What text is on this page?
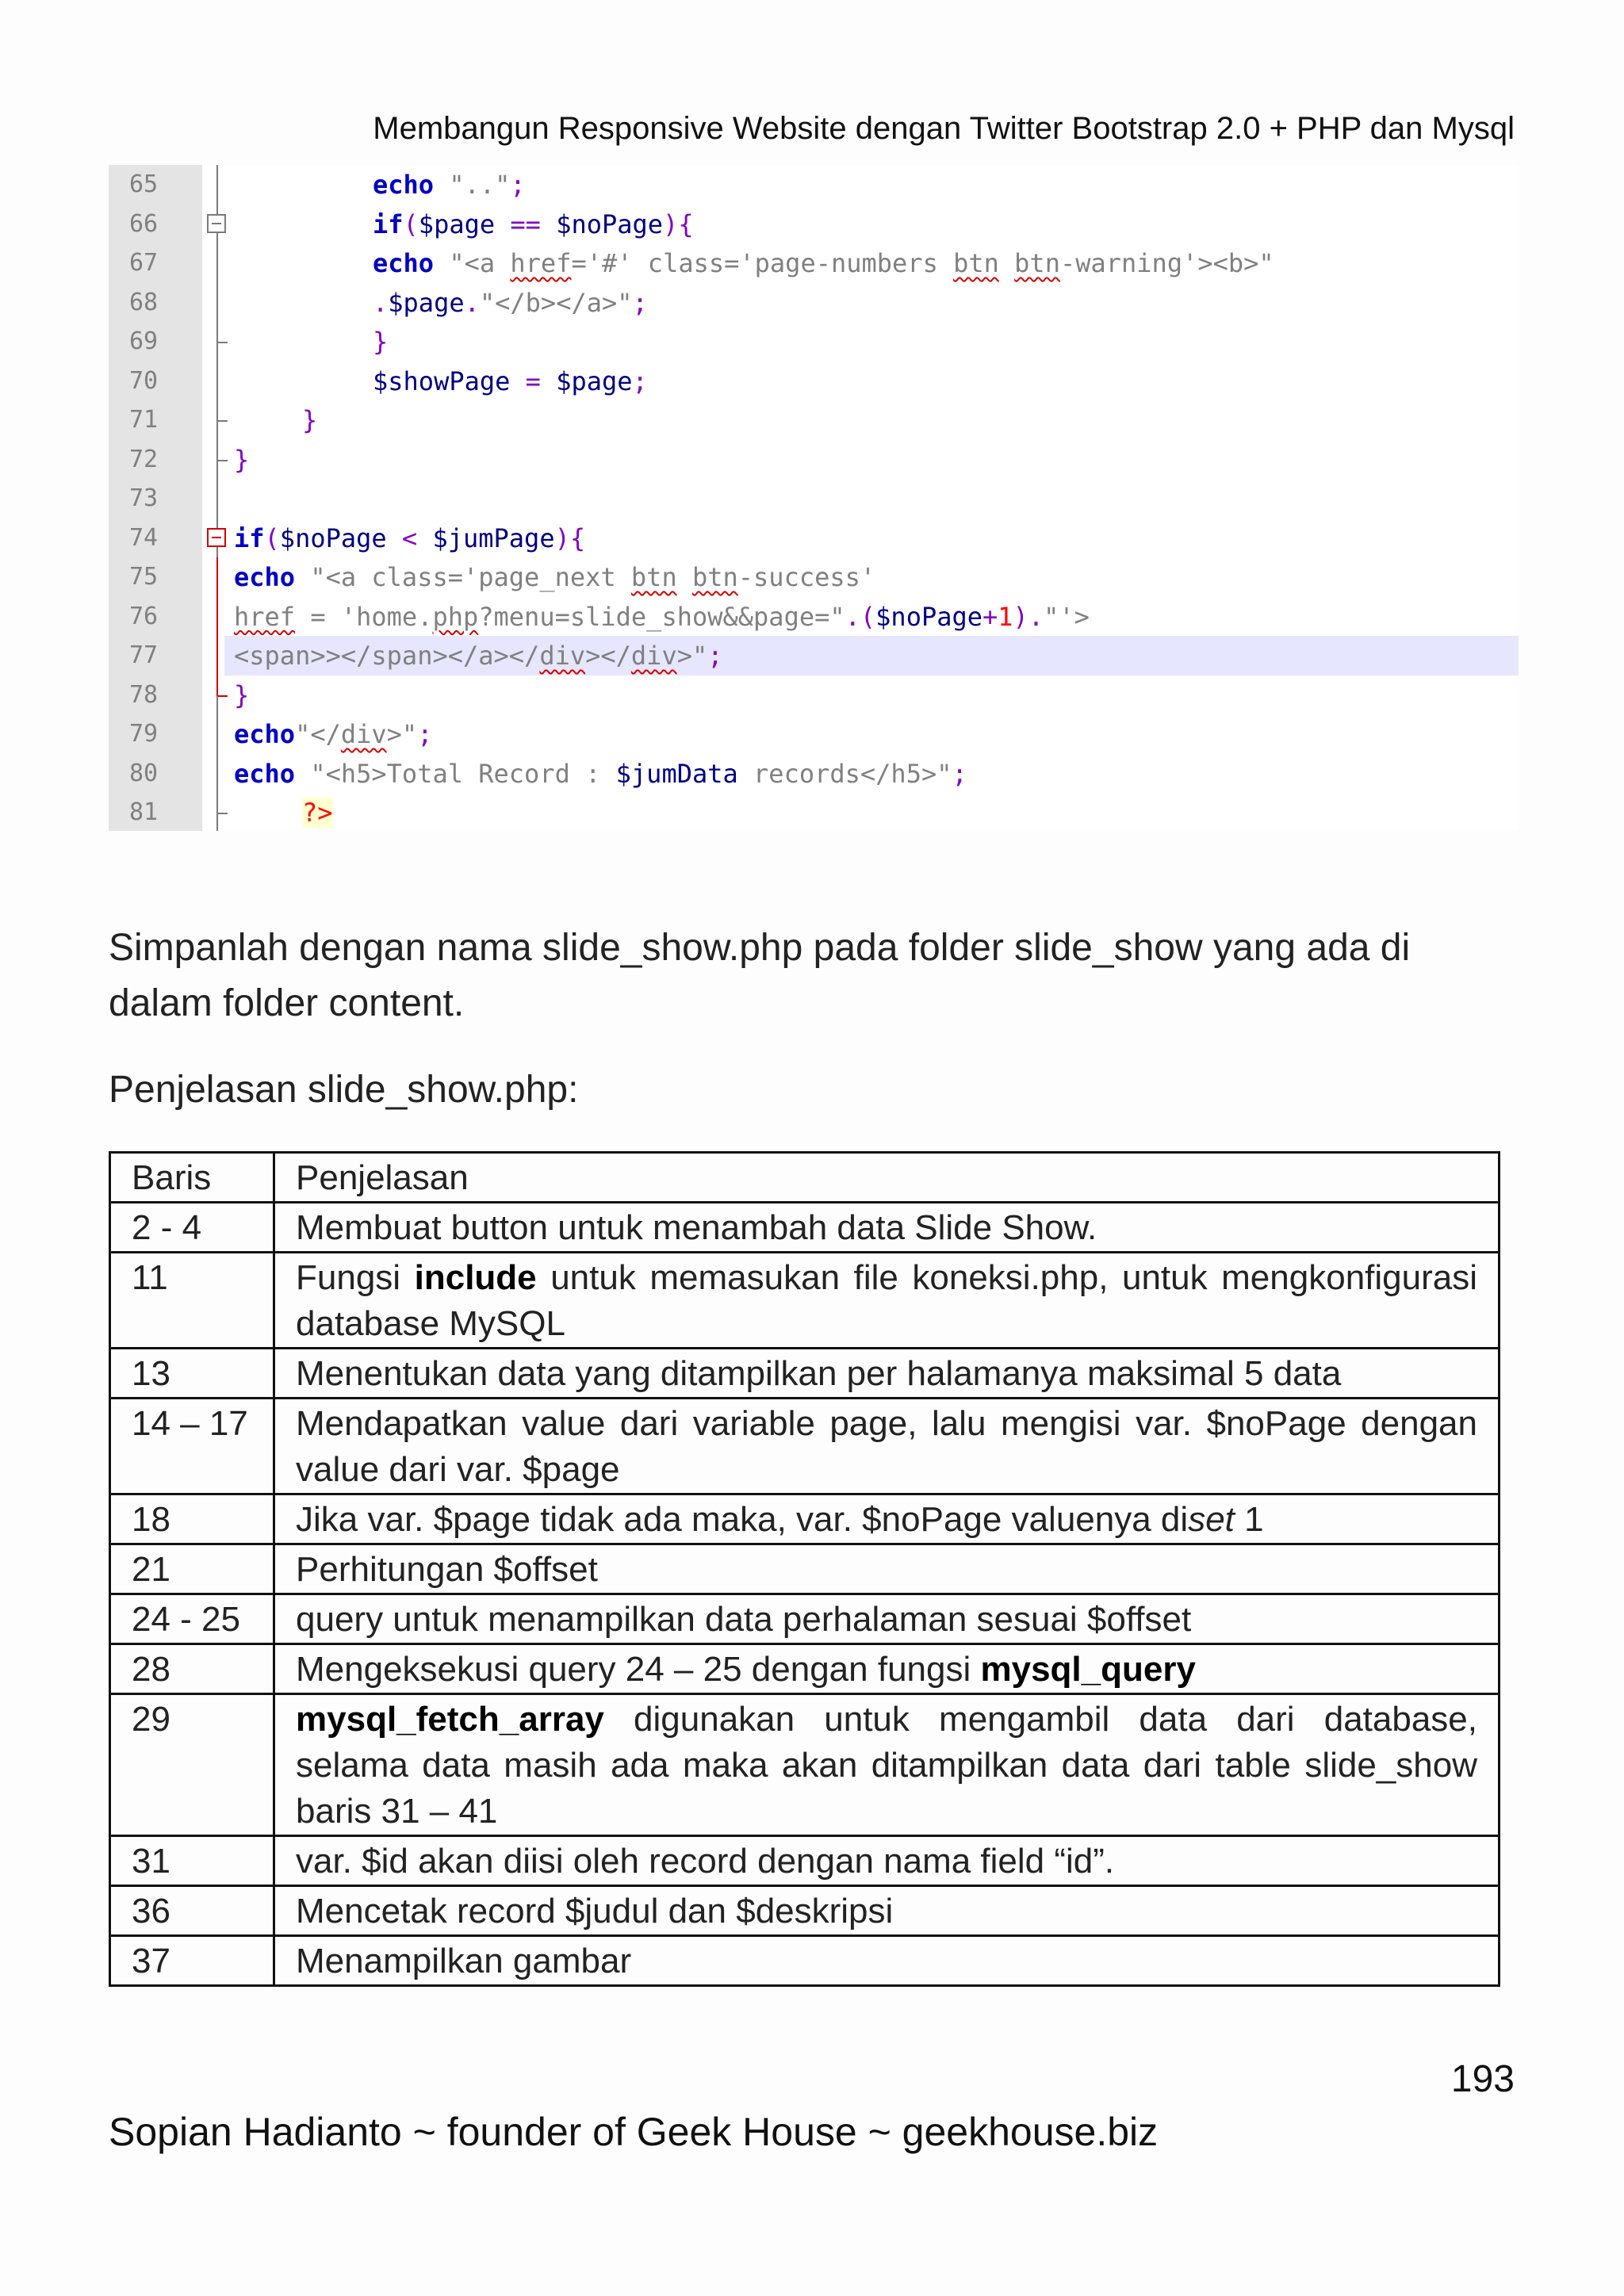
Membangun Responsive Website dengan Twitter Bootstrap 2.0 + PHP dan Mysql
65	echo "..";
66	if($page == $noPage){
67	echo "<a href='#' class='page-numbers btn btn-warning'><b>"
68	.$page."</b></a>";
69	}
70	$showPage = $page;
71	}
72	}
73
74	if($noPage < $jumPage){
75	echo "<a class='page_next btn btn-success'
76	href = 'home.php?menu=slide_show&&page=".($noPage+1)."'>
77	<span>></span></a></div></div>";
78	}
79	echo"</div>";
80	echo "<h5>Total Record : $jumData records</h5>";
81	?>
Simpanlah dengan nama slide_show.php pada folder slide_show yang ada di dalam folder content.
Penjelasan slide_show.php:
Baris	Penjelasan
2 - 4	Membuat button untuk menambah data Slide Show.
11	Fungsi include untuk memasukan file koneksi.php, untuk mengkonfigurasi database MySQL
13	Menentukan data yang ditampilkan per halamanya maksimal 5 data
14 – 17	Mendapatkan value dari variable page, lalu mengisi var. $noPage dengan value dari var. $page
18	Jika var. $page tidak ada maka, var. $noPage valuenya diset 1
21	Perhitungan $offset
24 - 25	query untuk menampilkan data perhalaman sesuai $offset
28	Mengeksekusi query 24 – 25 dengan fungsi mysql_query
29	mysql_fetch_array digunakan untuk mengambil data dari database, selama data masih ada maka akan ditampilkan data dari table slide_show baris 31 – 41
31	var. $id akan diisi oleh record dengan nama field “id”.
36	Mencetak record $judul dan $deskripsi
37	Menampilkan gambar
193
Sopian Hadianto ~ founder of Geek House ~ geekhouse.biz
